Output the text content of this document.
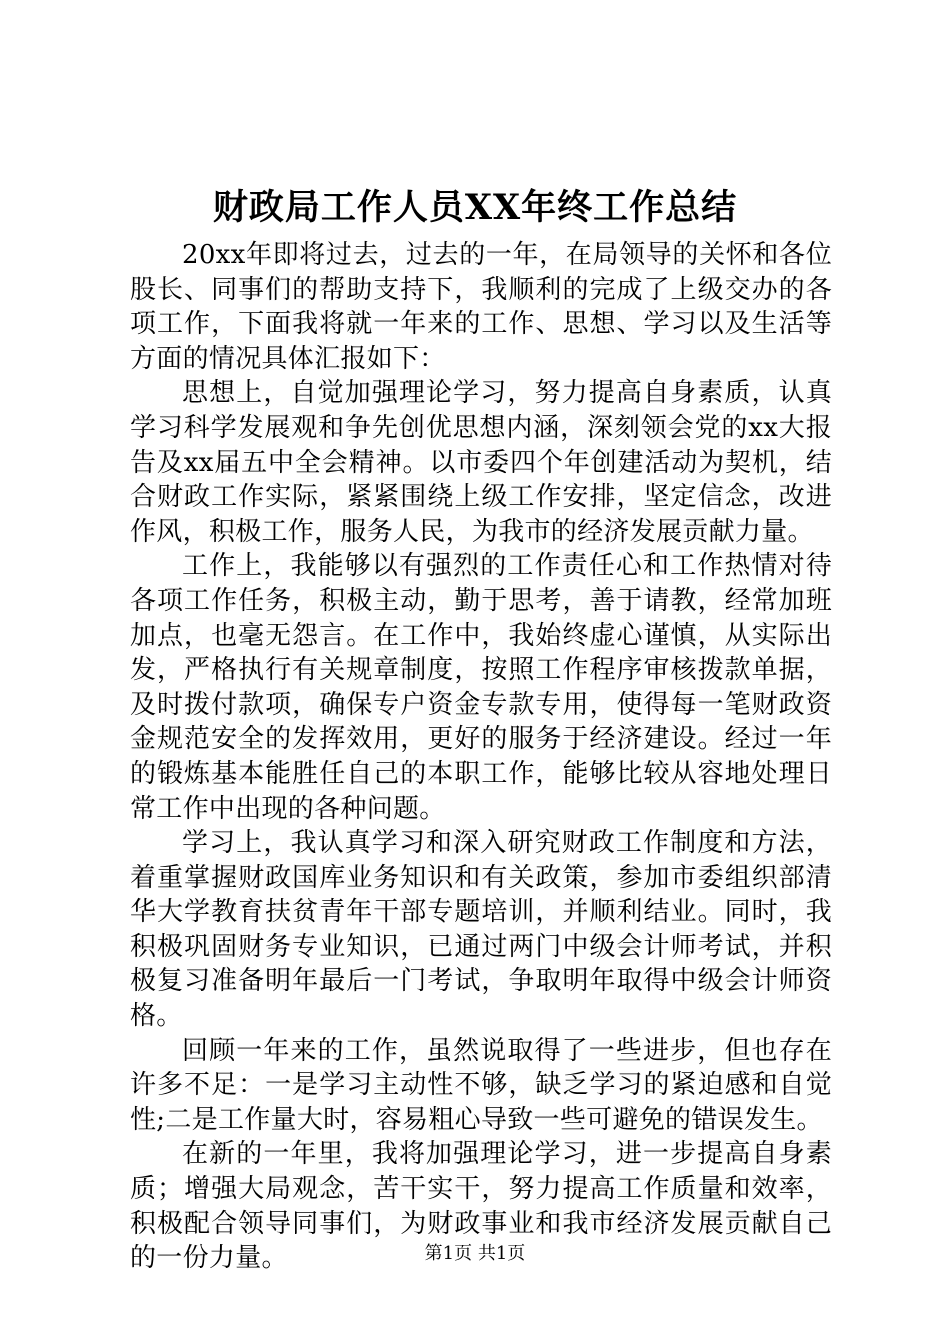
财政局工作人员XX年终工作总结

20xx年即将过去，过去的一年，在局领导的关怀和各位股长、同事们的帮助支持下，我顺利的完成了上级交办的各项工作，下面我将就一年来的工作、思想、学习以及生活等方面的情况具体汇报如下：

思想上，自觉加强理论学习，努力提高自身素质，认真学习科学发展观和争先创优思想内涵，深刻领会党的xx大报告及xx届五中全会精神。以市委四个年创建活动为契机，结合财政工作实际，紧紧围绕上级工作安排，坚定信念，改进作风，积极工作，服务人民，为我市的经济发展贡献力量。

工作上，我能够以有强烈的工作责任心和工作热情对待各项工作任务，积极主动，勤于思考，善于请教，经常加班加点，也毫无怨言。在工作中，我始终虚心谨慎，从实际出发，严格执行有关规章制度，按照工作程序审核拨款单据，及时拨付款项，确保专户资金专款专用，使得每一笔财政资金规范安全的发挥效用，更好的服务于经济建设。经过一年的锻炼基本能胜任自己的本职工作，能够比较从容地处理日常工作中出现的各种问题。

学习上，我认真学习和深入研究财政工作制度和方法，着重掌握财政国库业务知识和有关政策，参加市委组织部清华大学教育扶贫青年干部专题培训，并顺利结业。同时，我积极巩固财务专业知识，已通过两门中级会计师考试，并积极复习准备明年最后一门考试，争取明年取得中级会计师资格。

回顾一年来的工作，虽然说取得了一些进步，但也存在许多不足：一是学习主动性不够，缺乏学习的紧迫感和自觉性;二是工作量大时，容易粗心导致一些可避免的错误发生。

在新的一年里，我将加强理论学习，进一步提高自身素质；增强大局观念，苦干实干，努力提高工作质量和效率，积极配合领导同事们，为财政事业和我市经济发展贡献自己的一份力量。	第1页 共1页
